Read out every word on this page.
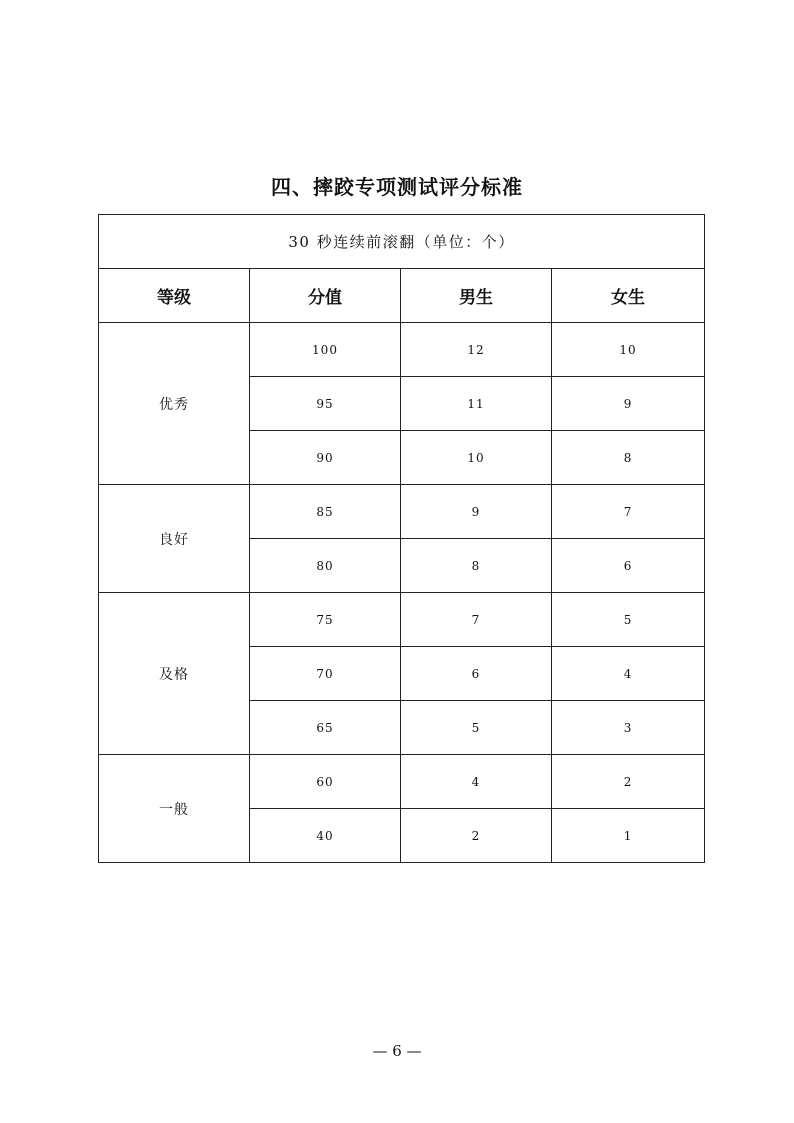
四、摔跤专项测试评分标准
30 秒连续前滚翻（单位：个）			
等级	分值	男生	女生
优秀	100	12	10
	95	11	9
	90	10	8
良好	85	9	7
	80	8	6
及格	75	7	5
	70	6	4
	65	5	3
一般	60	4	2
	40	2	1
— 6 —
